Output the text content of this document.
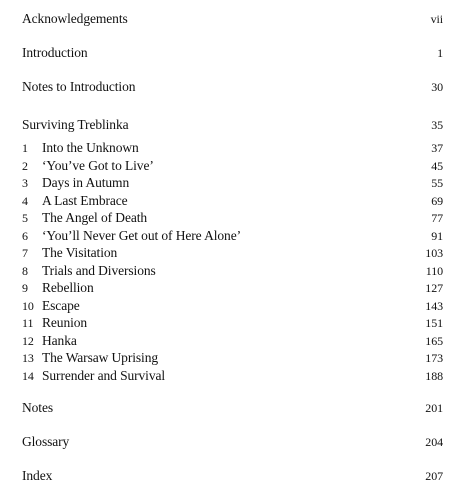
Acknowledgements	vii
Introduction	1
Notes to Introduction	30
Surviving Treblinka	35
1 Into the Unknown	37
2 ‘You’ve Got to Live’	45
3 Days in Autumn	55
4 A Last Embrace	69
5 The Angel of Death	77
6 ‘You’ll Never Get out of Here Alone’	91
7 The Visitation	103
8 Trials and Diversions	110
9 Rebellion	127
10 Escape	143
11 Reunion	151
12 Hanka	165
13 The Warsaw Uprising	173
14 Surrender and Survival	188
Notes	201
Glossary	204
Index	207
